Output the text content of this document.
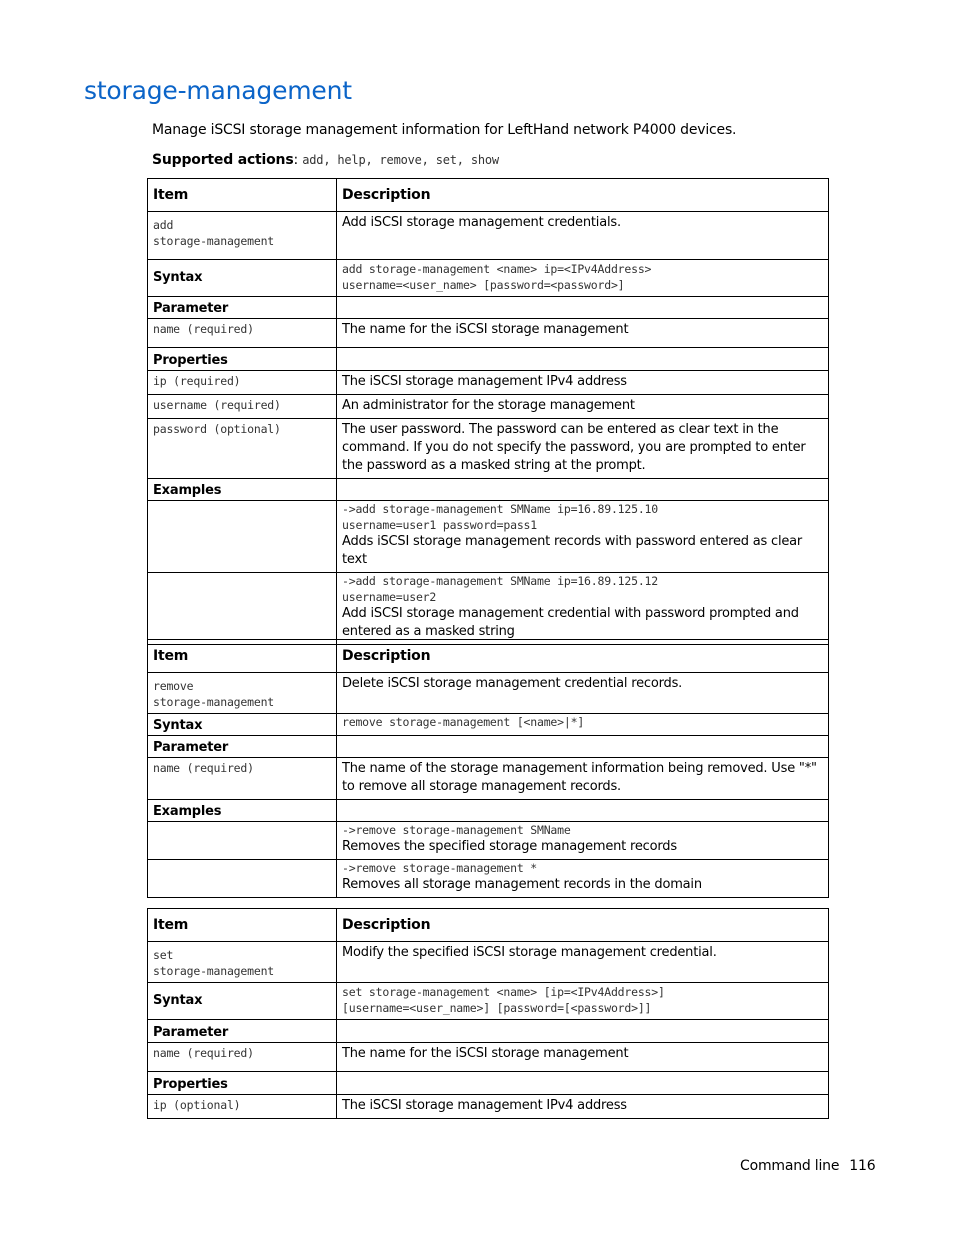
storage-management
Manage iSCSI storage management information for LeftHand network P4000 devices.
Supported actions: add, help, remove, set, show
Item	Description

add
storage-management	Add iSCSI storage management credentials.
Syntax	add storage-management <name> ip=<IPv4Address>
username=<user_name> [password=<password>]

Parameter	
name (required)	The name for the iSCSI storage management
Properties	
ip (required)	The iSCSI storage management IPv4 address
username (required)	An administrator for the storage management
password (optional)	The user password. The password can be entered as clear text in the command. If you do not specify the password, you are prompted to enter the password as a masked string at the prompt.
Examples	

	->add storage-management SMName ip=16.89.125.10
username=user1 password=pass1
Adds iSCSI storage management records with password entered as clear text

	->add storage-management SMName ip=16.89.125.12
username=user2
Add iSCSI storage management credential with password prompted and entered as a masked string
Item	Description

remove
storage-management	Delete iSCSI storage management credential records.
Syntax	remove storage-management [<name>|*]

Parameter	
name (required)	The name of the storage management information being removed. Use "*" to remove all storage management records.
Examples	

	->remove storage-management SMName
Removes the specified storage management records

	->remove storage-management *
Removes all storage management records in the domain
Item	Description

set
storage-management	Modify the specified iSCSI storage management credential.
Syntax	set storage-management <name> [ip=<IPv4Address>]
[username=<user_name>] [password=[<password>]]

Parameter	
name (required)	The name for the iSCSI storage management
Properties	
ip (optional)	The iSCSI storage management IPv4 address
Command line 116
